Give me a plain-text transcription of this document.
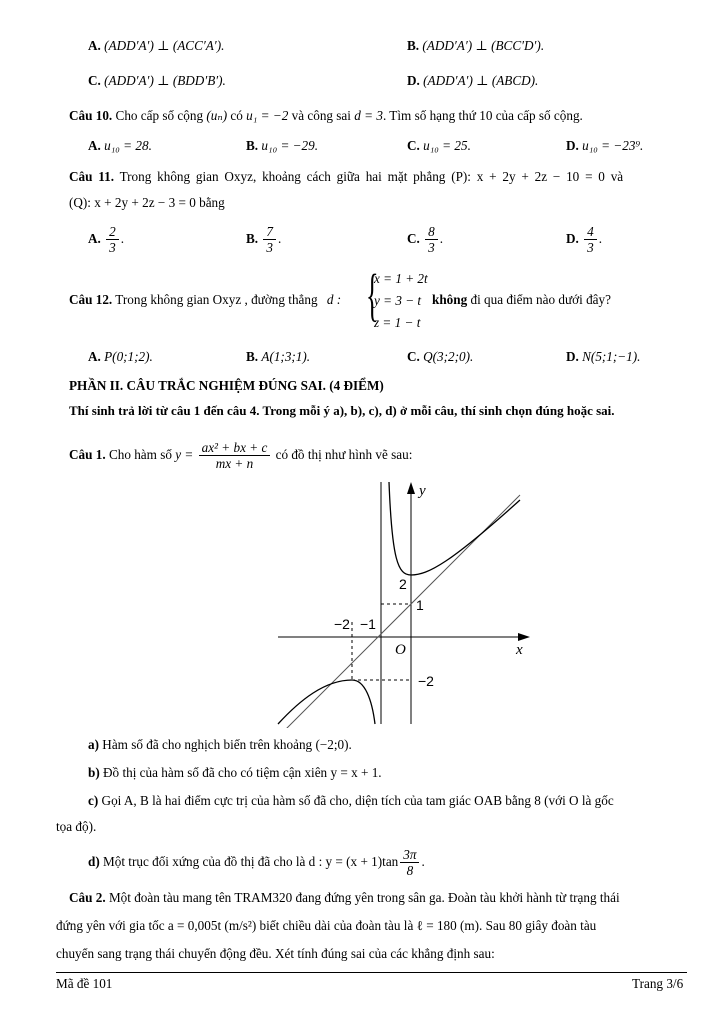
A. (ADD′A′) ⊥ (ACC′A′).	B. (ADD′A′) ⊥ (BCC′D′).
C. (ADD′A′) ⊥ (BDD′B′).	D. (ADD′A′) ⊥ (ABCD).
Câu 10. Cho cấp số cộng (uₙ) có u₁ = −2 và công sai d = 3. Tìm số hạng thứ 10 của cấp số cộng.
A. u₁₀ = 28.	B. u₁₀ = −29.	C. u₁₀ = 25.	D. u₁₀ = −23⁹.
Câu 11. Trong không gian Oxyz, khoảng cách giữa hai mặt phẳng (P): x + 2y + 2z − 10 = 0 và
(Q): x + 2y + 2z − 3 = 0 bằng
A. $\frac{2}{3}$ .	B. $\frac{7}{3}$ .	C. $\frac{8}{3}$ .	D. $\frac{4}{3}$ .
Câu 12. Trong không gian Oxyz , đường thẳng d : {
x = 1 + 2t
y = 3 − t
z = 1 − t
không đi qua điểm nào dưới đây?
A. P(0;1;2).	B. A(1;3;1).	C. Q(3;2;0).	D. N(5;1;−1).
PHẦN II. CÂU TRẮC NGHIỆM ĐÚNG SAI. (4 ĐIỂM)
Thí sinh trả lời từ câu 1 đến câu 4. Trong mỗi ý a), b), c), d) ở mỗi câu, thí sinh chọn đúng hoặc sai.
Câu 1. Cho hàm số $y = \frac{\text{ax² + bx + c}}{mx + n}$ có đồ thị như hình vẽ sau:
y
x
O
2
1
−2
−2 −1
a) Hàm số đã cho nghịch biến trên khoảng (−2;0).
b) Đồ thị của hàm số đã cho có tiệm cận xiên y = x + 1.
c) Gọi A, B là hai điểm cực trị của hàm số đã cho, diện tích của tam giác OAB bằng 8 (với O là gốc
tọa độ).
d) Một trục đối xứng của đồ thị đã cho là d : $y = (x + 1)\tan \frac{3\pi}{8}$ .
Câu 2. Một đoàn tàu mang tên TRAM320 đang đứng yên trong sân ga. Đoàn tàu khởi hành từ trạng thái
đứng yên với gia tốc a = 0,005t (m/s²) biết chiều dài của đoàn tàu là ℓ = 180 (m). Sau 80 giây đoàn tàu
chuyển sang trạng thái chuyển động đều. Xét tính đúng sai của các khẳng định sau:
Mã đề 101	Trang 3/6
